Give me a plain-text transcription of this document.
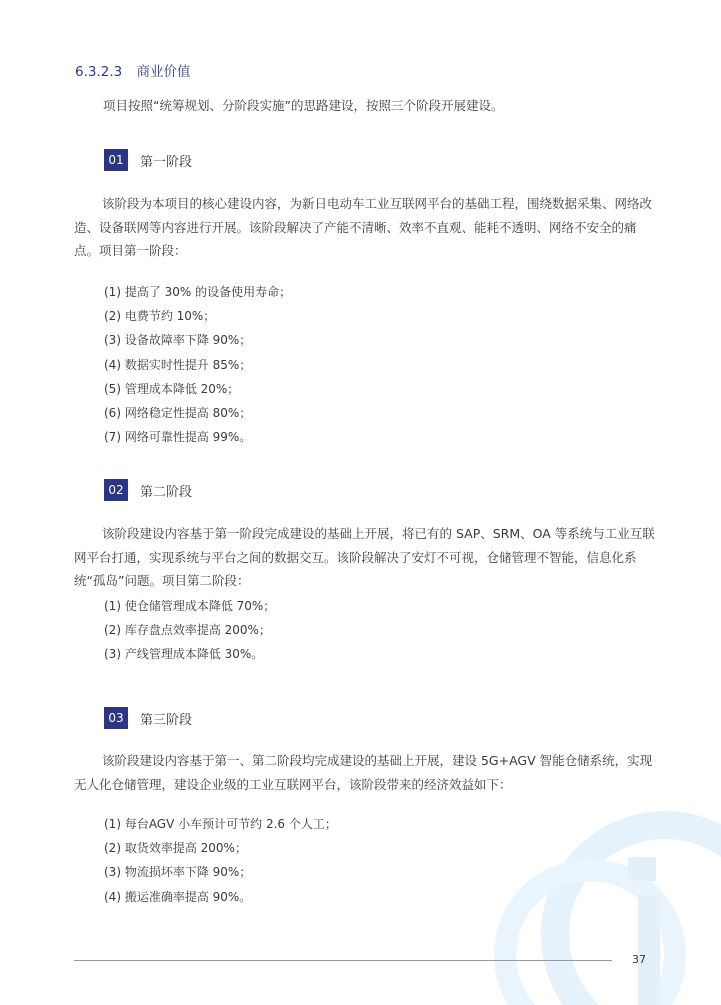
6.3.2.3 商业价值
项目按照“统筹规划、分阶段实施”的思路建设，按照三个阶段开展建设。
01	第一阶段
该阶段为本项目的核心建设内容，为新日电动车工业互联网平台的基础工程，围绕数据采集、网络改造、设备联网等内容进行开展。该阶段解决了产能不清晰、效率不直观、能耗不透明、网络不安全的痛点。项目第一阶段：
(1) 提高了 30% 的设备使用寿命；
(2) 电费节约 10%；
(3) 设备故障率下降 90%；
(4) 数据实时性提升 85%；
(5) 管理成本降低 20%；
(6) 网络稳定性提高 80%；
(7) 网络可靠性提高 99%。
02	第二阶段
该阶段建设内容基于第一阶段完成建设的基础上开展，将已有的 SAP、SRM、OA 等系统与工业互联网平台打通，实现系统与平台之间的数据交互。该阶段解决了安灯不可视，仓储管理不智能，信息化系统“孤岛”问题。项目第二阶段：
(1) 使仓储管理成本降低 70%；
(2) 库存盘点效率提高 200%；
(3) 产线管理成本降低 30%。
03	第三阶段
该阶段建设内容基于第一、第二阶段均完成建设的基础上开展，建设 5G+AGV 智能仓储系统，实现无人化仓储管理，建设企业级的工业互联网平台，该阶段带来的经济效益如下：
(1) 每台AGV 小车预计可节约 2.6 个人工；
(2) 取货效率提高 200%；
(3) 物流损坏率下降 90%；
(4) 搬运准确率提高 90%。
37
